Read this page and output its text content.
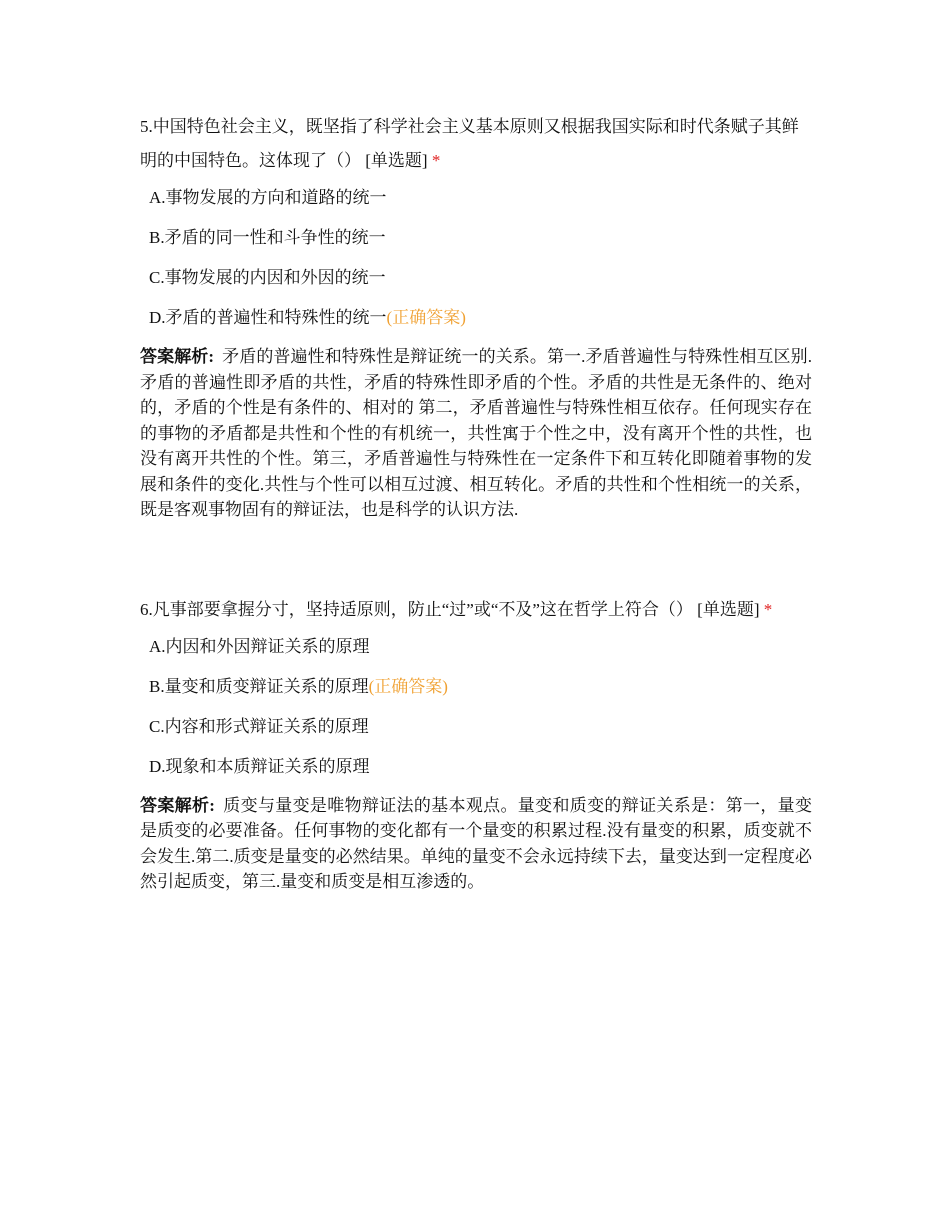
5.中国特色社会主义，既坚指了科学社会主义基本原则又根据我国实际和时代条赋子其鲜明的中国特色。这体现了（） [单选题] *

A.事物发展的方向和道路的统一
B.矛盾的同一性和斗争性的统一
C.事物发展的内因和外因的统一
D.矛盾的普遍性和特殊性的统一(正确答案)

答案解析: 矛盾的普遍性和特殊性是辩证统一的关系。第一.矛盾普遍性与特殊性相互区别.矛盾的普遍性即矛盾的共性，矛盾的特殊性即矛盾的个性。矛盾的共性是无条件的、绝对的，矛盾的个性是有条件的、相对的 第二，矛盾普遍性与特殊性相互依存。任何现实存在的事物的矛盾都是共性和个性的有机统一，共性寓于个性之中，没有离开个性的共性，也没有离开共性的个性。第三，矛盾普遍性与特殊性在一定条件下和互转化即随着事物的发展和条件的变化.共性与个性可以相互过渡、相互转化。矛盾的共性和个性相统一的关系，既是客观事物固有的辩证法，也是科学的认识方法.

6.凡事部要拿握分寸，坚持适原则，防止“过”或“不及”这在哲学上符合（） [单选题] *

A.内因和外因辩证关系的原理
B.量变和质变辩证关系的原理(正确答案)
C.内容和形式辩证关系的原理
D.现象和本质辩证关系的原理

答案解析: 质变与量变是唯物辩证法的基本观点。量变和质变的辩证关系是：第一，量变是质变的必要准备。任何事物的变化都有一个量变的积累过程.没有量变的积累，质变就不会发生.第二.质变是量变的必然结果。单纯的量变不会永远持续下去，量变达到一定程度必然引起质变，第三.量变和质变是相互渗透的。
